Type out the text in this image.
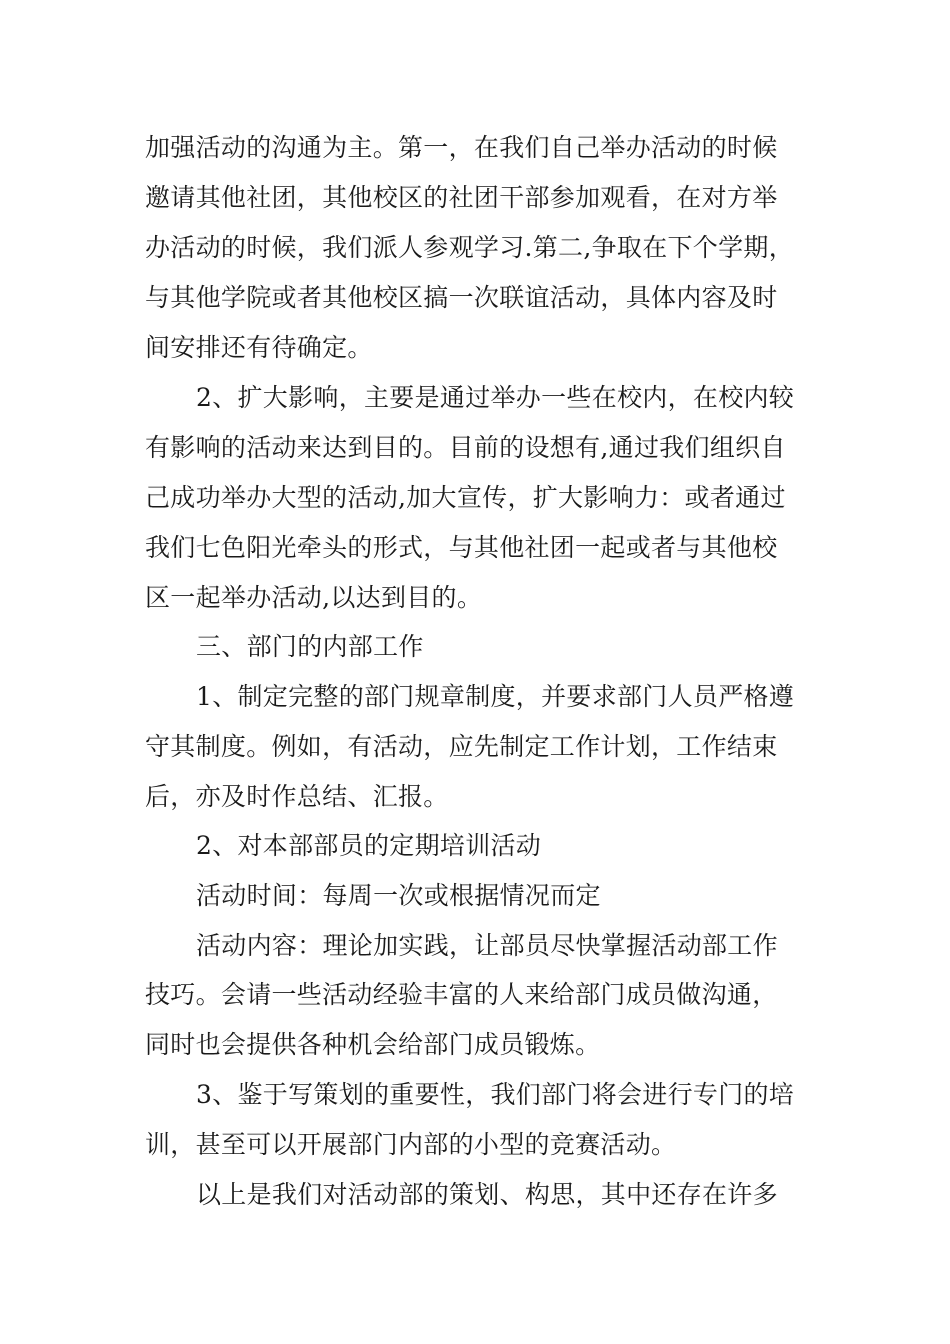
加强活动的沟通为主。第一，在我们自己举办活动的时候
邀请其他社团，其他校区的社团干部参加观看，在对方举
办活动的时候，我们派人参观学习.第二,争取在下个学期，
与其他学院或者其他校区搞一次联谊活动，具体内容及时
间安排还有待确定。
2、扩大影响，主要是通过举办一些在校内，在校内较
有影响的活动来达到目的。目前的设想有,通过我们组织自
己成功举办大型的活动,加大宣传，扩大影响力：或者通过
我们七色阳光牵头的形式，与其他社团一起或者与其他校
区一起举办活动,以达到目的。
三、部门的内部工作
1、制定完整的部门规章制度，并要求部门人员严格遵
守其制度。例如，有活动，应先制定工作计划，工作结束
后，亦及时作总结、汇报。
2、对本部部员的定期培训活动
活动时间：每周一次或根据情况而定
活动内容：理论加实践，让部员尽快掌握活动部工作
技巧。会请一些活动经验丰富的人来给部门成员做沟通，
同时也会提供各种机会给部门成员锻炼。
3、鉴于写策划的重要性，我们部门将会进行专门的培
训，甚至可以开展部门内部的小型的竞赛活动。
以上是我们对活动部的策划、构思，其中还存在许多
